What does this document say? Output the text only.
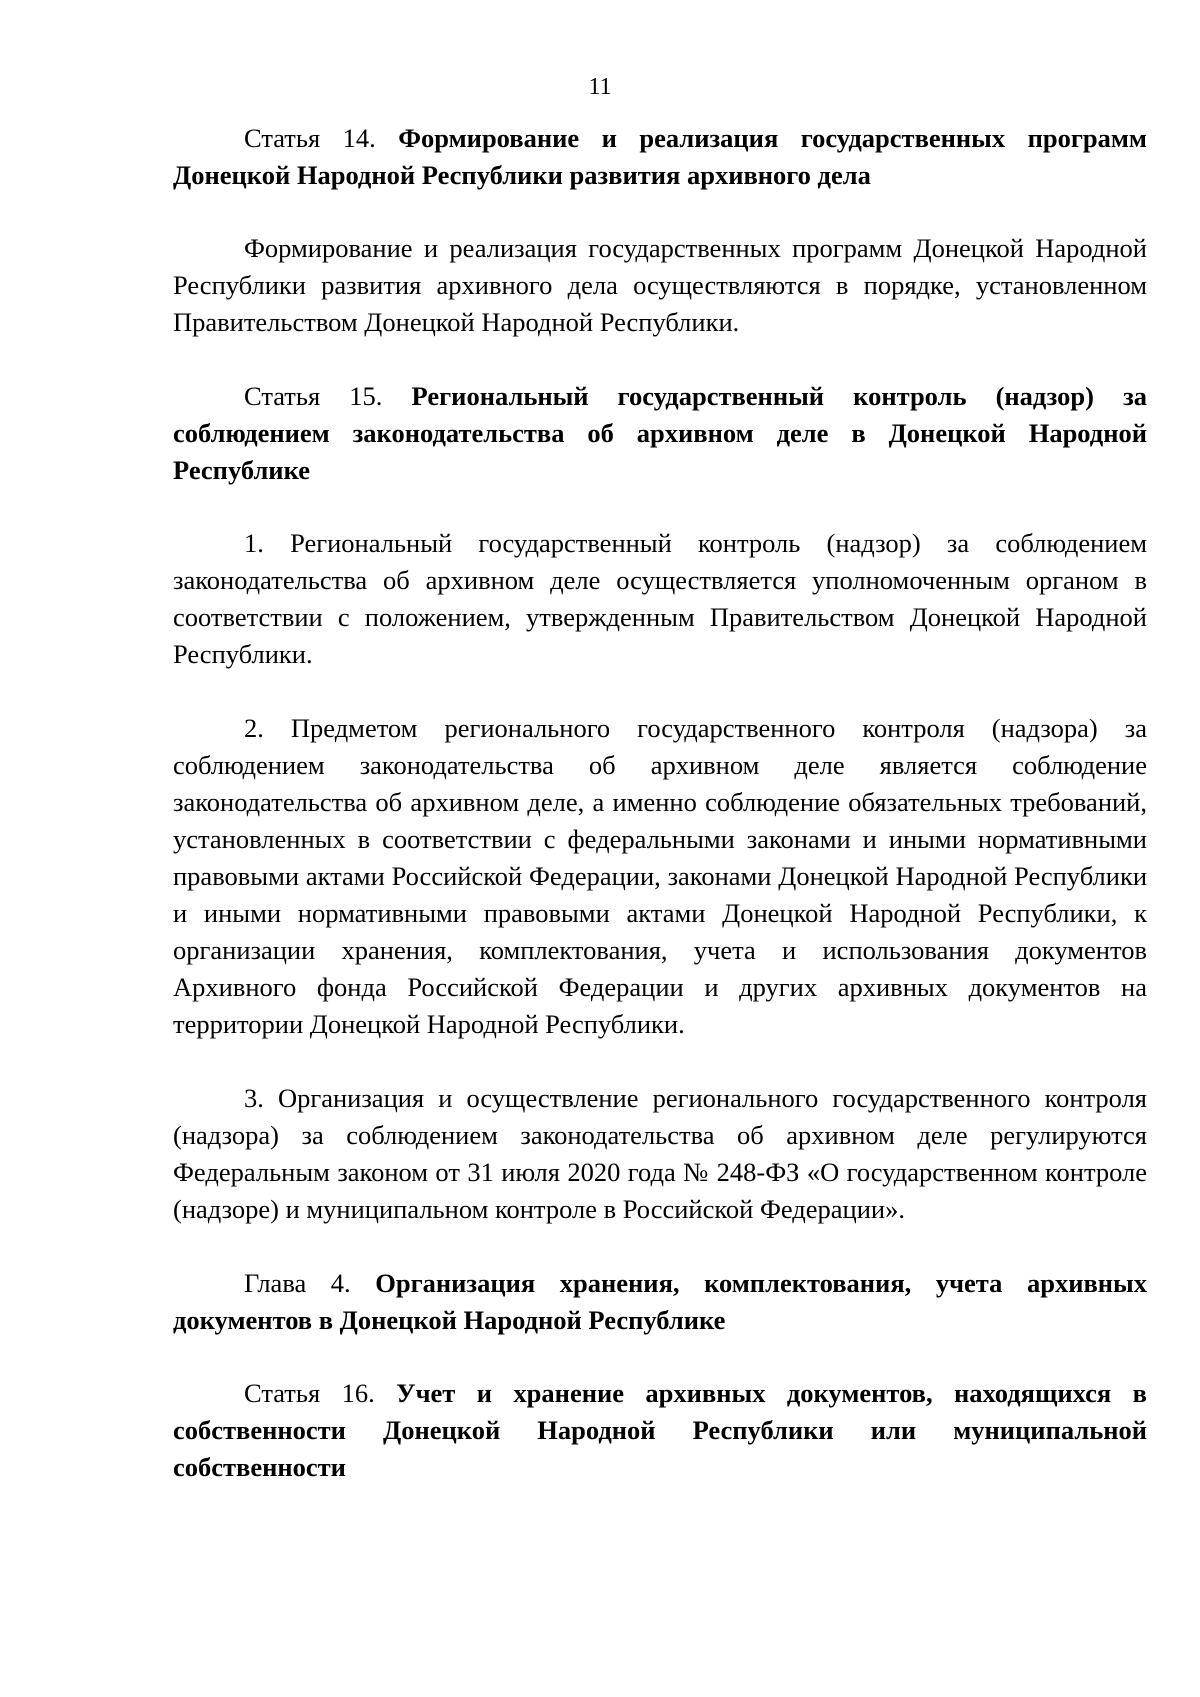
11

Статья 14. Формирование и реализация государственных программ Донецкой Народной Республики развития архивного дела

Формирование и реализация государственных программ Донецкой Народной Республики развития архивного дела осуществляются в порядке, установленном Правительством Донецкой Народной Республики.

Статья 15. Региональный государственный контроль (надзор) за соблюдением законодательства об архивном деле в Донецкой Народной Республике

1. Региональный государственный контроль (надзор) за соблюдением законодательства об архивном деле осуществляется уполномоченным органом в соответствии с положением, утвержденным Правительством Донецкой Народной Республики.

2. Предметом регионального государственного контроля (надзора) за соблюдением законодательства об архивном деле является соблюдение законодательства об архивном деле, а именно соблюдение обязательных требований, установленных в соответствии с федеральными законами и иными нормативными правовыми актами Российской Федерации, законами Донецкой Народной Республики и иными нормативными правовыми актами Донецкой Народной Республики, к организации хранения, комплектования, учета и использования документов Архивного фонда Российской Федерации и других архивных документов на территории Донецкой Народной Республики.

3. Организация и осуществление регионального государственного контроля (надзора) за соблюдением законодательства об архивном деле регулируются Федеральным законом от 31 июля 2020 года № 248-ФЗ «О государственном контроле (надзоре) и муниципальном контроле в Российской Федерации».

Глава 4. Организация хранения, комплектования, учета архивных документов в Донецкой Народной Республике

Статья 16. Учет и хранение архивных документов, находящихся в собственности Донецкой Народной Республики или муниципальной собственности
